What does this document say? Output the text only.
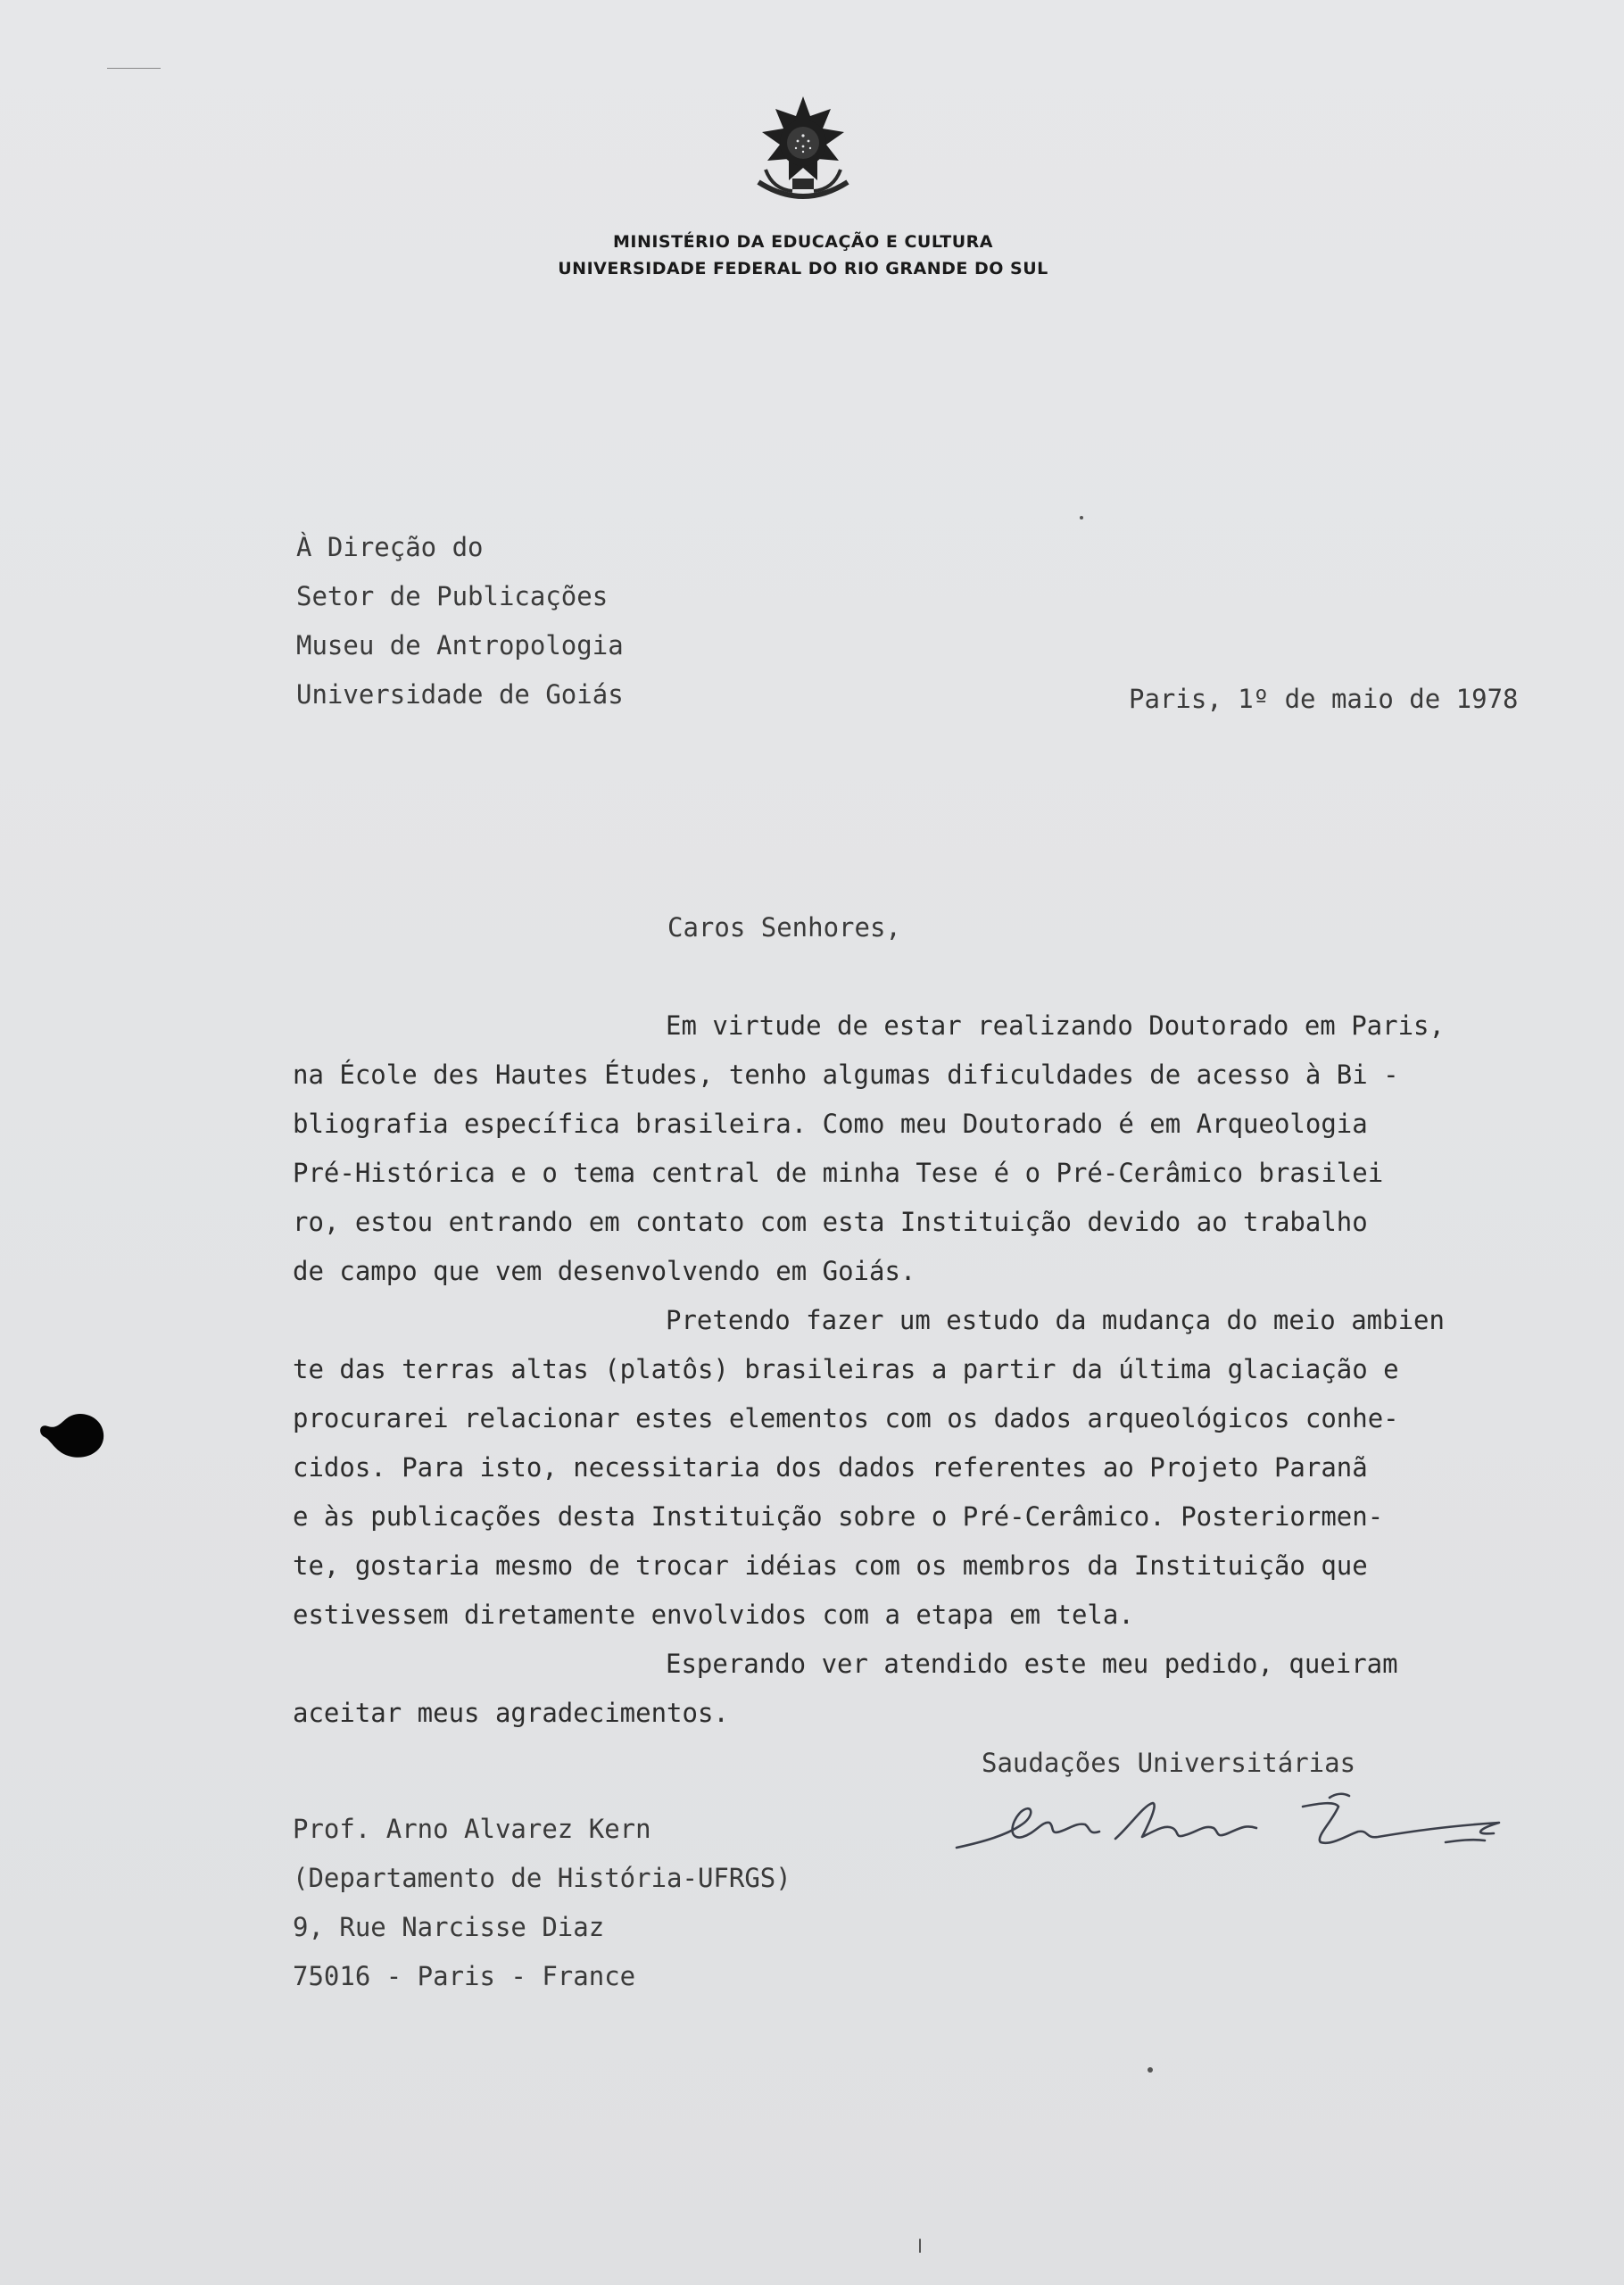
MINISTÉRIO DA EDUCAÇÃO E CULTURA
UNIVERSIDADE FEDERAL DO RIO GRANDE DO SUL
À Direção do
Setor de Publicações
Museu de Antropologia
Universidade de Goiás	Paris, 1º de maio de 1978
Caros Senhores,
Em virtude de estar realizando Doutorado em Paris,
na École des Hautes Études, tenho algumas dificuldades de acesso à Bi -
bliografia específica brasileira. Como meu Doutorado é em Arqueologia
Pré-Histórica e o tema central de minha Tese é o Pré-Cerâmico brasilei
ro, estou entrando em contato com esta Instituição devido ao trabalho
de campo que vem desenvolvendo em Goiás.
Pretendo fazer um estudo da mudança do meio ambien
te das terras altas (platôs) brasileiras a partir da última glaciação e
procurarei relacionar estes elementos com os dados arqueológicos conhe-
cidos. Para isto, necessitaria dos dados referentes ao Projeto Paranã
e às publicações desta Instituição sobre o Pré-Cerâmico. Posteriormen-
te, gostaria mesmo de trocar idéias com os membros da Instituição que
estivessem diretamente envolvidos com a etapa em tela.
Esperando ver atendido este meu pedido, queiram
aceitar meus agradecimentos.
Saudações Universitárias
Prof. Arno Alvarez Kern
(Departamento de História-UFRGS)
9, Rue Narcisse Diaz
75016 - Paris - France
